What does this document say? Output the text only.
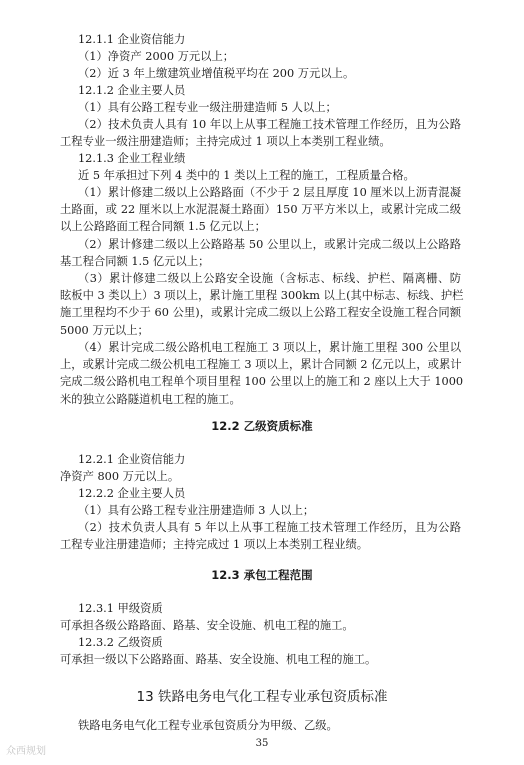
12.1.1 企业资信能力
（1）净资产 2000 万元以上；
（2）近 3 年上缴建筑业增值税平均在 200 万元以上。
12.1.2 企业主要人员
（1）具有公路工程专业一级注册建造师 5 人以上；
（2）技术负责人具有 10 年以上从事工程施工技术管理工作经历，且为公路
工程专业一级注册建造师；主持完成过 1 项以上本类别工程业绩。
12.1.3 企业工程业绩
近 5 年承担过下列 4 类中的 1 类以上工程的施工，工程质量合格。
（1）累计修建二级以上公路路面（不少于 2 层且厚度 10 厘米以上沥青混凝
土路面，或 22 厘米以上水泥混凝土路面）150 万平方米以上，或累计完成二级
以上公路路面工程合同额 1.5 亿元以上；
（2）累计修建二级以上公路路基 50 公里以上，或累计完成二级以上公路路
基工程合同额 1.5 亿元以上；
（3）累计修建二级以上公路安全设施（含标志、标线、护栏、隔离栅、防
眩板中 3 类以上）3 项以上，累计施工里程 300km 以上(其中标志、标线、护栏
施工里程均不少于 60 公里)，或累计完成二级以上公路工程安全设施工程合同额
5000 万元以上；
（4）累计完成二级公路机电工程施工 3 项以上，累计施工里程 300 公里以
上，或累计完成二级公机电工程施工 3 项以上，累计合同额 2 亿元以上，或累计
完成二级公路机电工程单个项目里程 100 公里以上的施工和 2 座以上大于 1000
米的独立公路隧道机电工程的施工。
12.2 乙级资质标准
12.2.1 企业资信能力
净资产 800 万元以上。
12.2.2 企业主要人员
（1）具有公路工程专业注册建造师 3 人以上；
（2）技术负责人具有 5 年以上从事工程施工技术管理工作经历，且为公路
工程专业注册建造师；主持完成过 1 项以上本类别工程业绩。
12.3 承包工程范围
12.3.1 甲级资质
可承担各级公路路面、路基、安全设施、机电工程的施工。
12.3.2 乙级资质
可承担一级以下公路路面、路基、安全设施、机电工程的施工。
13 铁路电务电气化工程专业承包资质标准
铁路电务电气化工程专业承包资质分为甲级、乙级。
35
众西规划
